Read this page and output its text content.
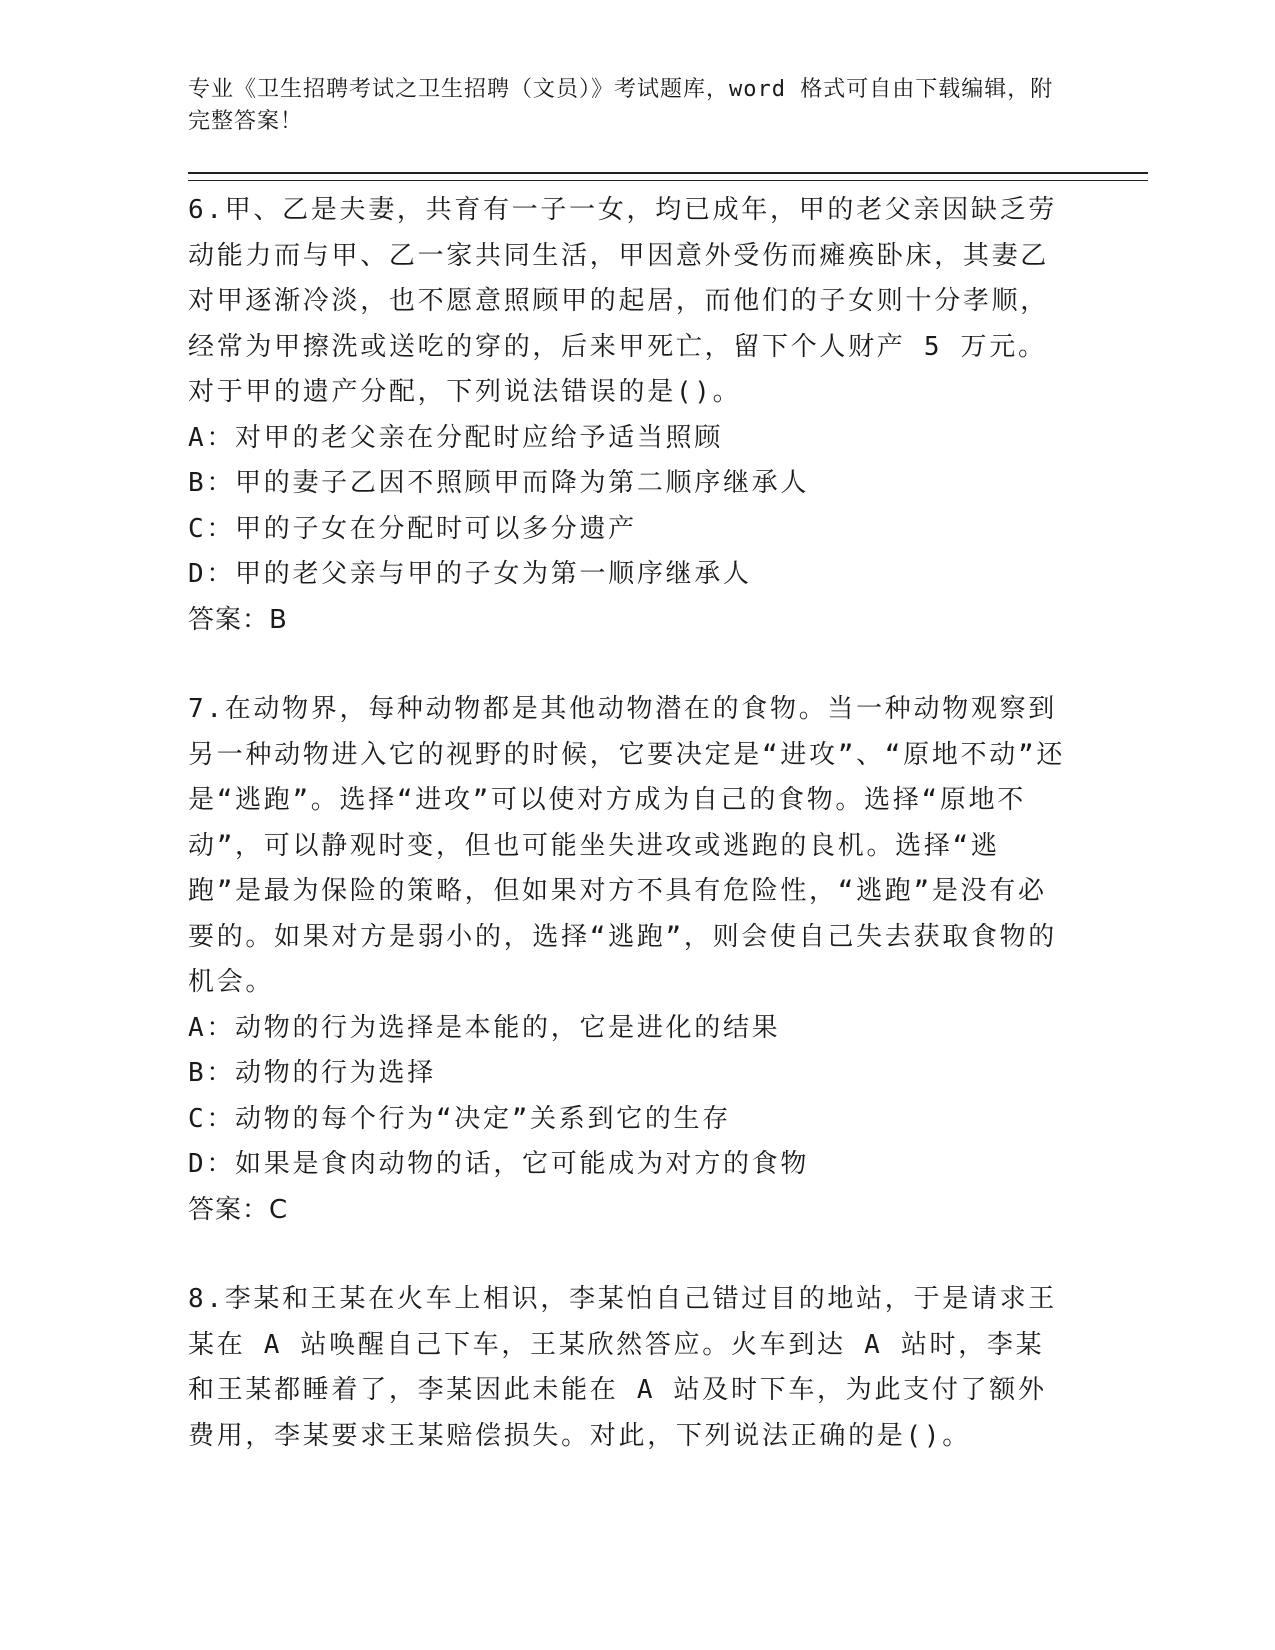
专业《卫生招聘考试之卫生招聘（文员）》考试题库，word 格式可自由下载编辑，附完整答案！

6.甲、乙是夫妻，共育有一子一女，均已成年，甲的老父亲因缺乏劳动能力而与甲、乙一家共同生活，甲因意外受伤而瘫痪卧床，其妻乙对甲逐渐冷淡，也不愿意照顾甲的起居，而他们的子女则十分孝顺，经常为甲擦洗或送吃的穿的，后来甲死亡，留下个人财产 5 万元。对于甲的遗产分配，下列说法错误的是()。

A：对甲的老父亲在分配时应给予适当照顾

B：甲的妻子乙因不照顾甲而降为第二顺序继承人

C：甲的子女在分配时可以多分遗产

D：甲的老父亲与甲的子女为第一顺序继承人

答案：B

7.在动物界，每种动物都是其他动物潜在的食物。当一种动物观察到另一种动物进入它的视野的时候，它要决定是“进攻”、“原地不动”还是“逃跑”。选择“进攻”可以使对方成为自己的食物。选择“原地不动”，可以静观时变，但也可能坐失进攻或逃跑的良机。选择“逃跑”是最为保险的策略，但如果对方不具有危险性，“逃跑”是没有必要的。如果对方是弱小的，选择“逃跑”，则会使自己失去获取食物的机会。

A：动物的行为选择是本能的，它是进化的结果

B：动物的行为选择

C：动物的每个行为“决定”关系到它的生存

D：如果是食肉动物的话，它可能成为对方的食物

答案：C

8.李某和王某在火车上相识，李某怕自己错过目的地站，于是请求王某在 A 站唤醒自己下车，王某欣然答应。火车到达 A 站时，李某和王某都睡着了，李某因此未能在 A 站及时下车，为此支付了额外费用，李某要求王某赔偿损失。对此，下列说法正确的是()。
